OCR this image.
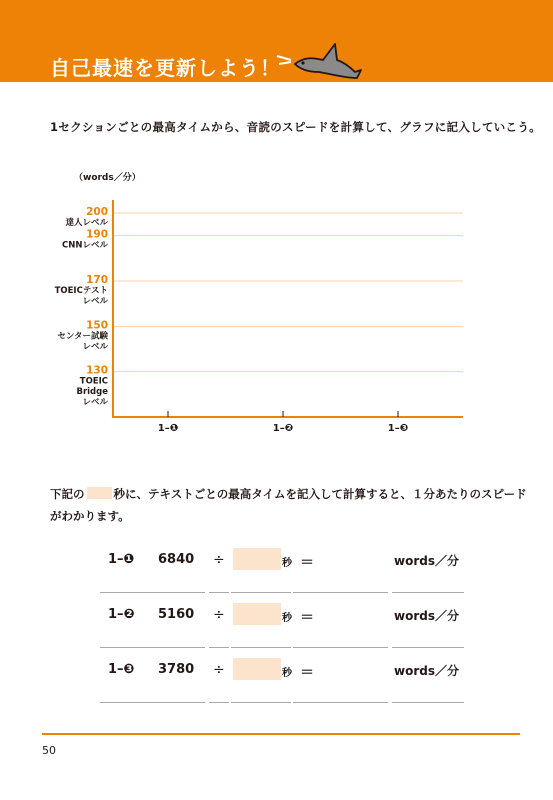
自己最速を更新しよう！
1セクションごとの最高タイムから、音読のスピードを計算して、グラフに記入していこう。
（words／分）
200
達人レベル
190
CNNレベル
170
TOEICテスト
レベル
150
センター試験
レベル
130
TOEIC
Bridge
レベル
1–❶	1–❷	1–❸
下記の	秒に、テキストごとの最高タイムを記入して計算すると、１分あたりのスピード
がわかります。
1–❶ 6840 ÷	秒 ＝	words／分
1–❷ 5160 ÷	秒 ＝	words／分
1–❸ 3780 ÷	秒 ＝	words／分
50
